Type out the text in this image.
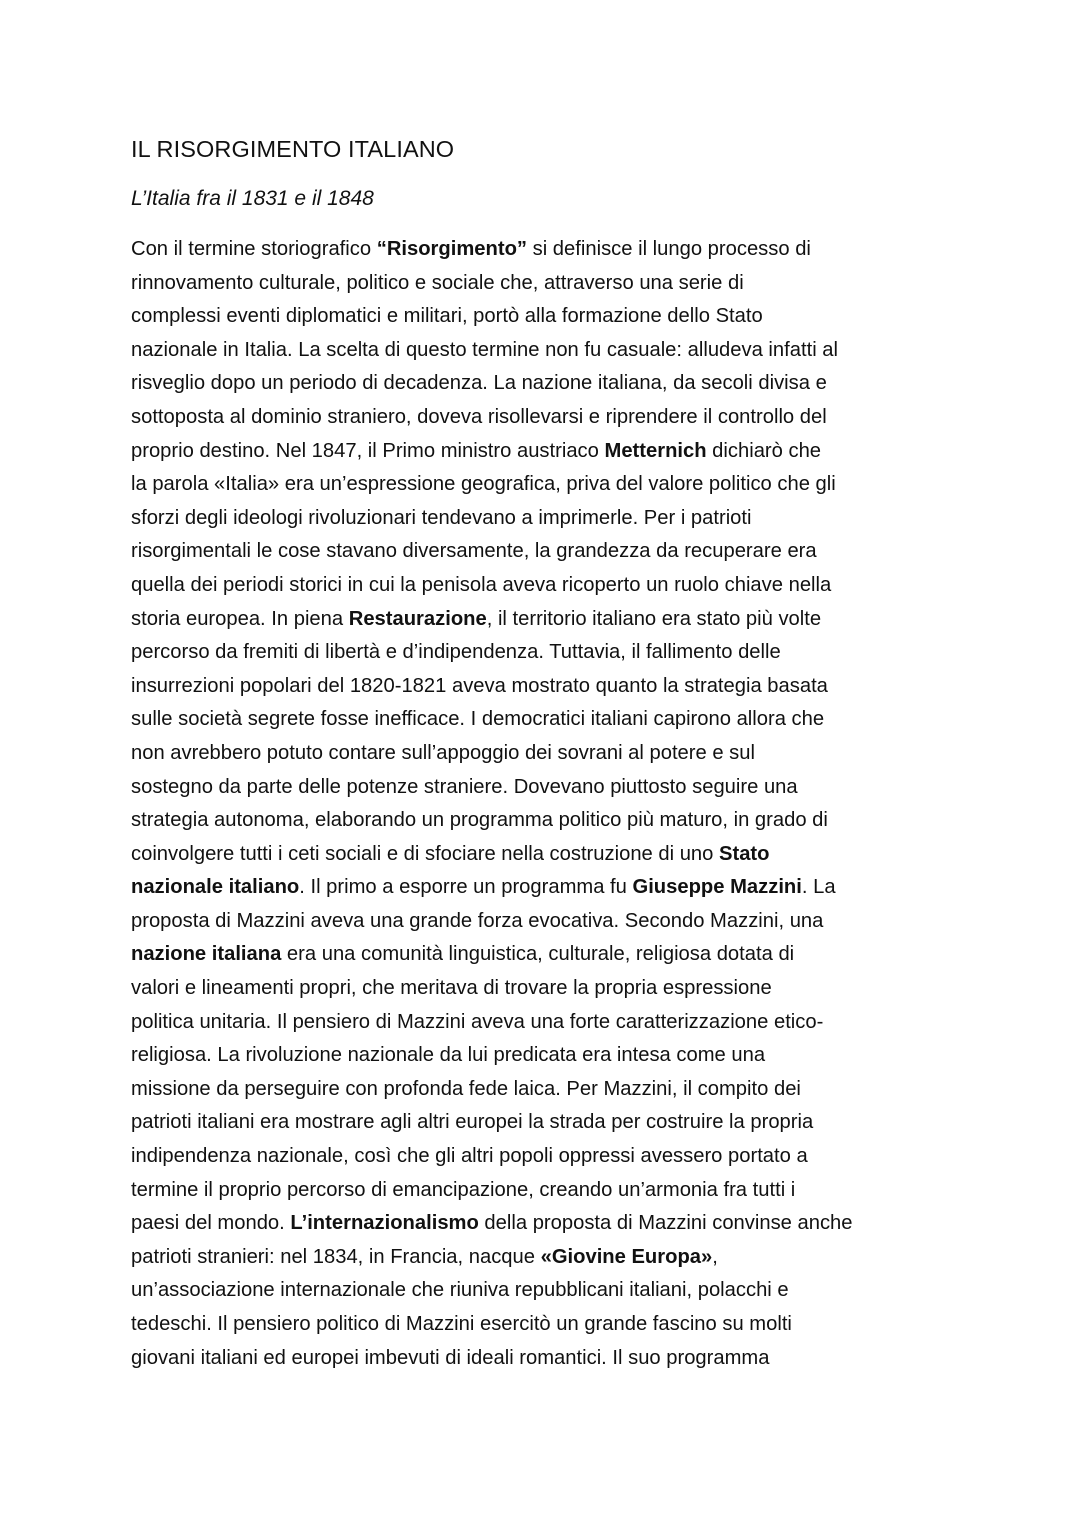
IL RISORGIMENTO ITALIANO
L’Italia fra il 1831 e il 1848
Con il termine storiografico “Risorgimento” si definisce il lungo processo di
rinnovamento culturale, politico e sociale che, attraverso una serie di
complessi eventi diplomatici e militari, portò alla formazione dello Stato
nazionale in Italia. La scelta di questo termine non fu casuale: alludeva infatti al
risveglio dopo un periodo di decadenza. La nazione italiana, da secoli divisa e
sottoposta al dominio straniero, doveva risollevarsi e riprendere il controllo del
proprio destino. Nel 1847, il Primo ministro austriaco Metternich dichiarò che
la parola «Italia» era un’espressione geografica, priva del valore politico che gli
sforzi degli ideologi rivoluzionari tendevano a imprimerle. Per i patrioti
risorgimentali le cose stavano diversamente, la grandezza da recuperare era
quella dei periodi storici in cui la penisola aveva ricoperto un ruolo chiave nella
storia europea. In piena Restaurazione, il territorio italiano era stato più volte
percorso da fremiti di libertà e d’indipendenza. Tuttavia, il fallimento delle
insurrezioni popolari del 1820-1821 aveva mostrato quanto la strategia basata
sulle società segrete fosse inefficace. I democratici italiani capirono allora che
non avrebbero potuto contare sull’appoggio dei sovrani al potere e sul
sostegno da parte delle potenze straniere. Dovevano piuttosto seguire una
strategia autonoma, elaborando un programma politico più maturo, in grado di
coinvolgere tutti i ceti sociali e di sfociare nella costruzione di uno Stato
nazionale italiano. Il primo a esporre un programma fu Giuseppe Mazzini. La
proposta di Mazzini aveva una grande forza evocativa. Secondo Mazzini, una
nazione italiana era una comunità linguistica, culturale, religiosa dotata di
valori e lineamenti propri, che meritava di trovare la propria espressione
politica unitaria. Il pensiero di Mazzini aveva una forte caratterizzazione etico-
religiosa. La rivoluzione nazionale da lui predicata era intesa come una
missione da perseguire con profonda fede laica. Per Mazzini, il compito dei
patrioti italiani era mostrare agli altri europei la strada per costruire la propria
indipendenza nazionale, così che gli altri popoli oppressi avessero portato a
termine il proprio percorso di emancipazione, creando un’armonia fra tutti i
paesi del mondo. L’internazionalismo della proposta di Mazzini convinse anche
patrioti stranieri: nel 1834, in Francia, nacque «Giovine Europa»,
un’associazione internazionale che riuniva repubblicani italiani, polacchi e
tedeschi. Il pensiero politico di Mazzini esercitò un grande fascino su molti
giovani italiani ed europei imbevuti di ideali romantici. Il suo programma
